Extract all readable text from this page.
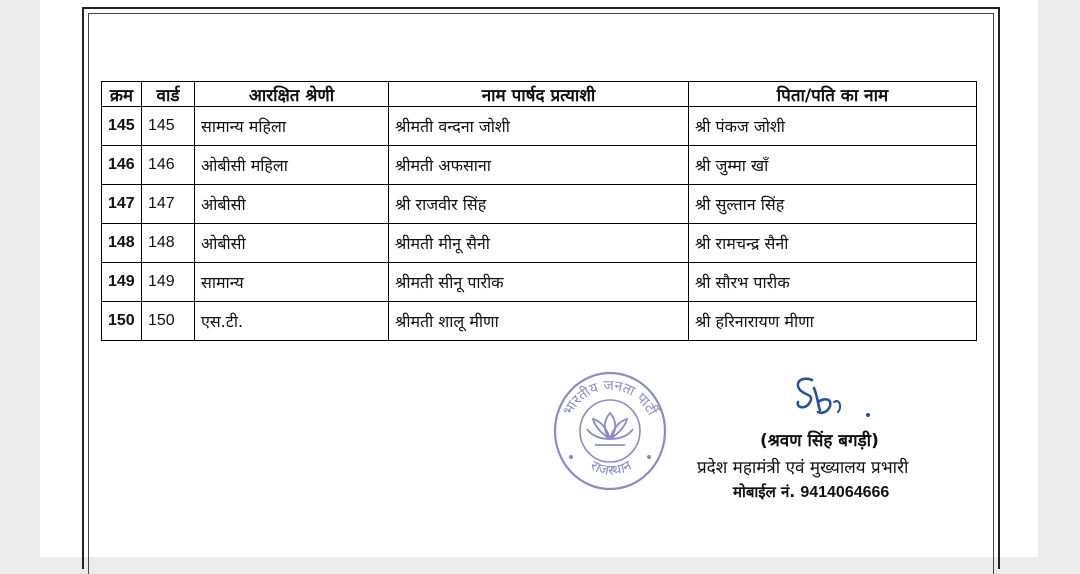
क्रम	वार्ड	आरक्षित श्रेणी	नाम पार्षद प्रत्याशी	पिता/पति का नाम
145	145	सामान्य महिला	श्रीमती वन्दना जोशी	श्री पंकज जोशी
146	146	ओबीसी महिला	श्रीमती अफसाना	श्री जुम्मा खाँ
147	147	ओबीसी	श्री राजवीर सिंह	श्री सुल्तान सिंह
148	148	ओबीसी	श्रीमती मीनू सैनी	श्री रामचन्द्र सैनी
149	149	सामान्य	श्रीमती सीनू पारीक	श्री सौरभ पारीक
150	150	एस.टी.	श्रीमती शालू मीणा	श्री हरिनारायण मीणा
भारतीय जनता पार्टी
राजस्थान
(श्रवण सिंह बगड़ी)
प्रदेश महामंत्री एवं मुख्यालय प्रभारी
मोबाईल नं. 9414064666
